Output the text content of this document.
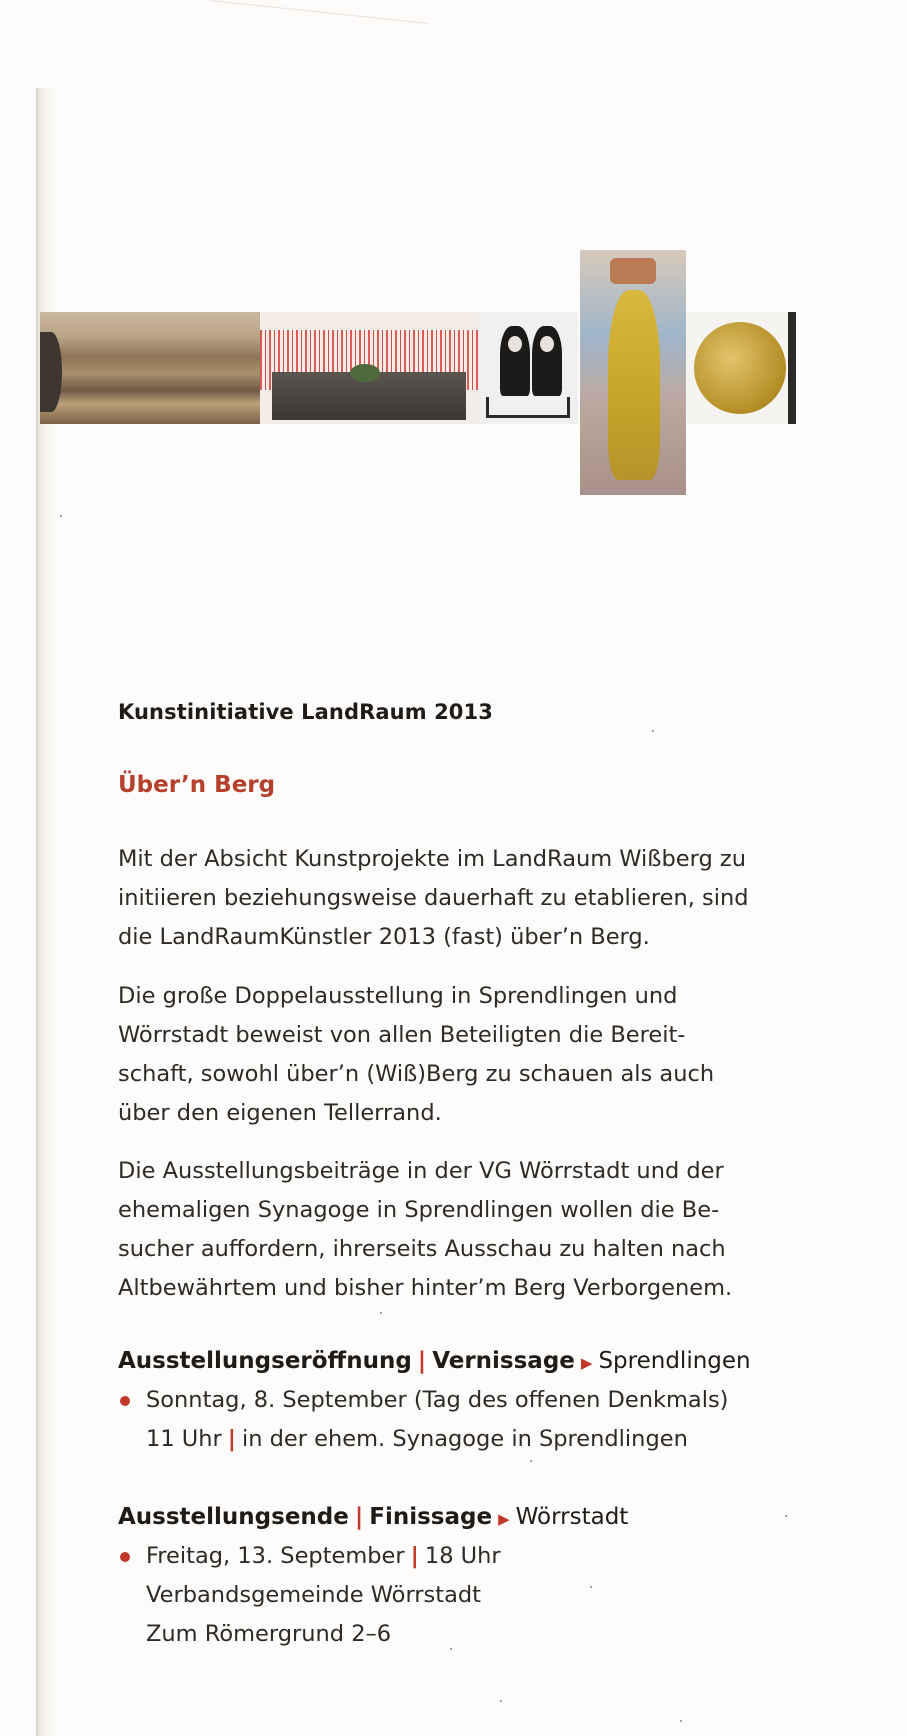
Kunstinitiative LandRaum 2013
Über’n Berg

Mit der Absicht Kunstprojekte im LandRaum Wißberg zu initiieren beziehungsweise dauerhaft zu etablieren, sind die LandRaumKünstler 2013 (fast) über’n Berg.

Die große Doppelausstellung in Sprendlingen und Wörrstadt beweist von allen Beteiligten die Bereit-schaft, sowohl über’n (Wiß)Berg zu schauen als auch über den eigenen Tellerrand.

Die Ausstellungsbeiträge in der VG Wörrstadt und der ehemaligen Synagoge in Sprendlingen wollen die Be-sucher auffordern, ihrerseits Ausschau zu halten nach Altbewährtem und bisher hinter’m Berg Verborgenem.

Ausstellungseröffnung | Vernissage ▶ Sprendlingen
Sonntag, 8. September (Tag des offenen Denkmals)
11 Uhr | in der ehem. Synagoge in Sprendlingen
Ausstellungsende | Finissage ▶ Wörrstadt
Freitag, 13. September | 18 Uhr
Verbandsgemeinde Wörrstadt
Zum Römergrund 2–6
